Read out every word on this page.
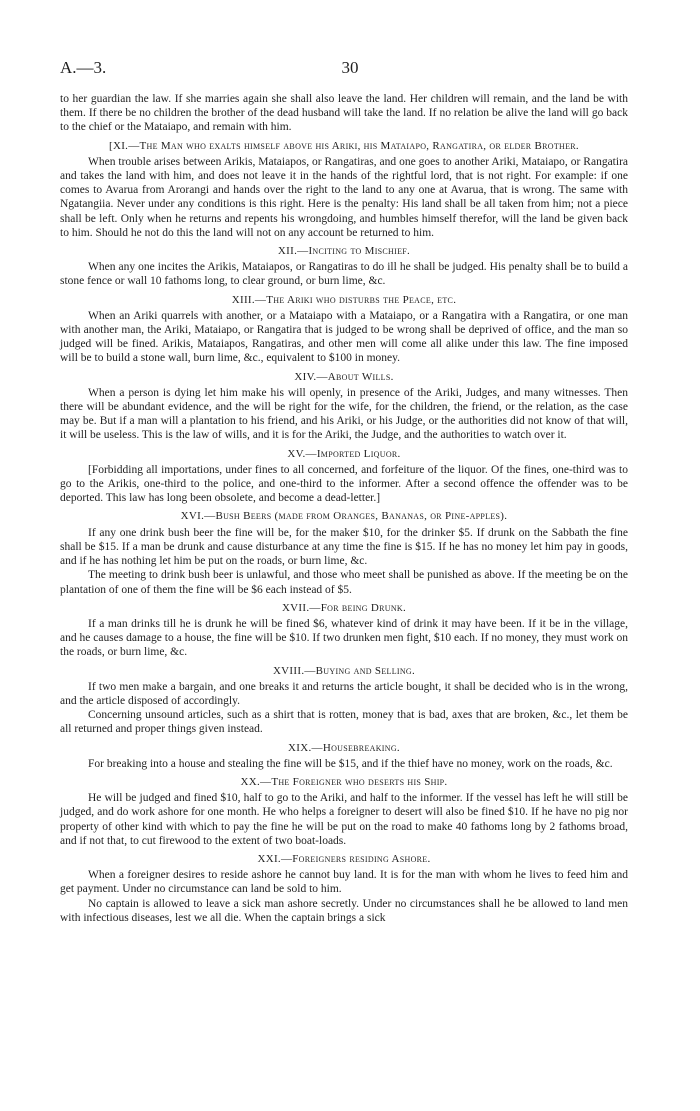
A.—3.	30

to her guardian the law. If she marries again she shall also leave the land. Her children will remain, and the land be with them. If there be no children the brother of the dead husband will take the land. If no relation be alive the land will go back to the chief or the Mataiapo, and remain with him.

[XI.—The Man who exalts himself above his Ariki, his Mataiapo, Rangatira, or elder Brother.

When trouble arises between Arikis, Mataiapos, or Rangatiras, and one goes to another Ariki, Mataiapo, or Rangatira and takes the land with him, and does not leave it in the hands of the rightful lord, that is not right. For example: if one comes to Avarua from Arorangi and hands over the right to the land to any one at Avarua, that is wrong. The same with Ngatangiia. Never under any conditions is this right. Here is the penalty: His land shall be all taken from him; not a piece shall be left. Only when he returns and repents his wrongdoing, and humbles himself therefor, will the land be given back to him. Should he not do this the land will not on any account be returned to him.

XII.—Inciting to Mischief.

When any one incites the Arikis, Mataiapos, or Rangatiras to do ill he shall be judged. His penalty shall be to build a stone fence or wall 10 fathoms long, to clear ground, or burn lime, &c.

XIII.—The Ariki who disturbs the Peace, etc.

When an Ariki quarrels with another, or a Mataiapo with a Mataiapo, or a Rangatira with a Rangatira, or one man with another man, the Ariki, Mataiapo, or Rangatira that is judged to be wrong shall be deprived of office, and the man so judged will be fined. Arikis, Mataiapos, Rangatiras, and other men will come all alike under this law. The fine imposed will be to build a stone wall, burn lime, &c., equivalent to $100 in money.

XIV.—About Wills.

When a person is dying let him make his will openly, in presence of the Ariki, Judges, and many witnesses. Then there will be abundant evidence, and the will be right for the wife, for the children, the friend, or the relation, as the case may be. But if a man will a plantation to his friend, and his Ariki, or his Judge, or the authorities did not know of that will, it will be useless. This is the law of wills, and it is for the Ariki, the Judge, and the authorities to watch over it.

XV.—Imported Liquor.

[Forbidding all importations, under fines to all concerned, and forfeiture of the liquor. Of the fines, one-third was to go to the Arikis, one-third to the police, and one-third to the informer. After a second offence the offender was to be deported. This law has long been obsolete, and become a dead-letter.]

XVI.—Bush Beers (made from Oranges, Bananas, or Pine-apples).

If any one drink bush beer the fine will be, for the maker $10, for the drinker $5. If drunk on the Sabbath the fine shall be $15. If a man be drunk and cause disturbance at any time the fine is $15. If he has no money let him pay in goods, and if he has nothing let him be put on the roads, or burn lime, &c.

The meeting to drink bush beer is unlawful, and those who meet shall be punished as above. If the meeting be on the plantation of one of them the fine will be $6 each instead of $5.

XVII.—For being Drunk.

If a man drinks till he is drunk he will be fined $6, whatever kind of drink it may have been. If it be in the village, and he causes damage to a house, the fine will be $10. If two drunken men fight, $10 each. If no money, they must work on the roads, or burn lime, &c.

XVIII.—Buying and Selling.

If two men make a bargain, and one breaks it and returns the article bought, it shall be decided who is in the wrong, and the article disposed of accordingly.

Concerning unsound articles, such as a shirt that is rotten, money that is bad, axes that are broken, &c., let them be all returned and proper things given instead.

XIX.—Housebreaking.

For breaking into a house and stealing the fine will be $15, and if the thief have no money, work on the roads, &c.

XX.—The Foreigner who deserts his Ship.

He will be judged and fined $10, half to go to the Ariki, and half to the informer. If the vessel has left he will still be judged, and do work ashore for one month. He who helps a foreigner to desert will also be fined $10. If he have no pig nor property of other kind with which to pay the fine he will be put on the road to make 40 fathoms long by 2 fathoms broad, and if not that, to cut firewood to the extent of two boat-loads.

XXI.—Foreigners residing Ashore.

When a foreigner desires to reside ashore he cannot buy land. It is for the man with whom he lives to feed him and get payment. Under no circumstance can land be sold to him.

No captain is allowed to leave a sick man ashore secretly. Under no circumstances shall he be allowed to land men with infectious diseases, lest we all die. When the captain brings a sick
